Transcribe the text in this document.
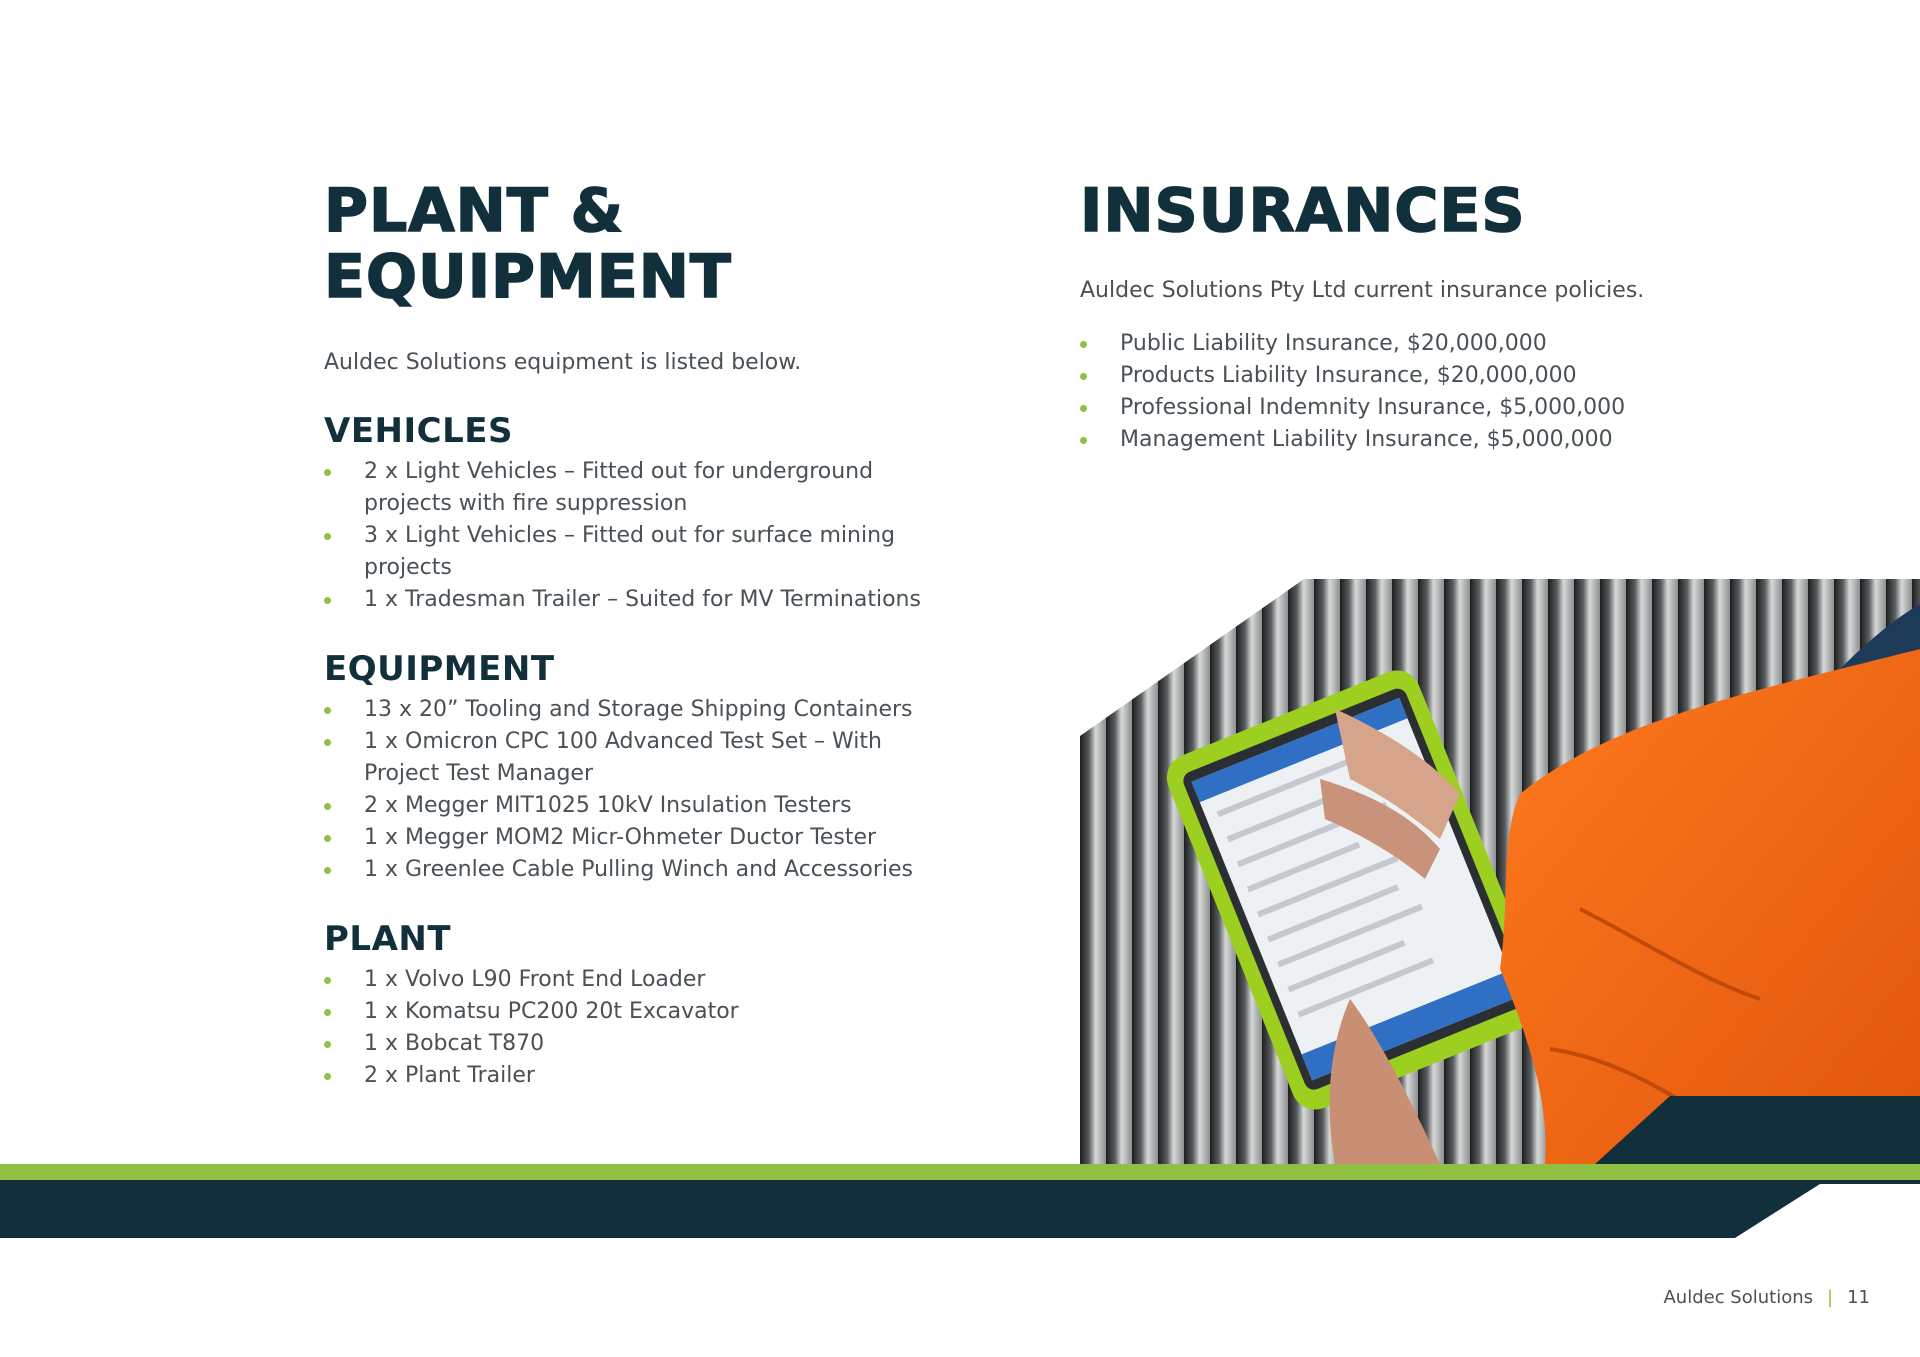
PLANT &
EQUIPMENT

Auldec Solutions equipment is listed below.

VEHICLES
2 x Light Vehicles – Fitted out for underground projects with fire suppression
3 x Light Vehicles – Fitted out for surface mining projects
1 x Tradesman Trailer – Suited for MV Terminations
EQUIPMENT
13 x 20” Tooling and Storage Shipping Containers
1 x Omicron CPC 100 Advanced Test Set – With Project Test Manager
2 x Megger MIT1025 10kV Insulation Testers
1 x Megger MOM2 Micr-Ohmeter Ductor Tester
1 x Greenlee Cable Pulling Winch and Accessories
PLANT
1 x Volvo L90 Front End Loader
1 x Komatsu PC200 20t Excavator
1 x Bobcat T870
2 x Plant Trailer
INSURANCES

Auldec Solutions Pty Ltd current insurance policies.

Public Liability Insurance, $20,000,000
Products Liability Insurance, $20,000,000
Professional Indemnity Insurance, $5,000,000
Management Liability Insurance, $5,000,000
Auldec Solutions | 11
